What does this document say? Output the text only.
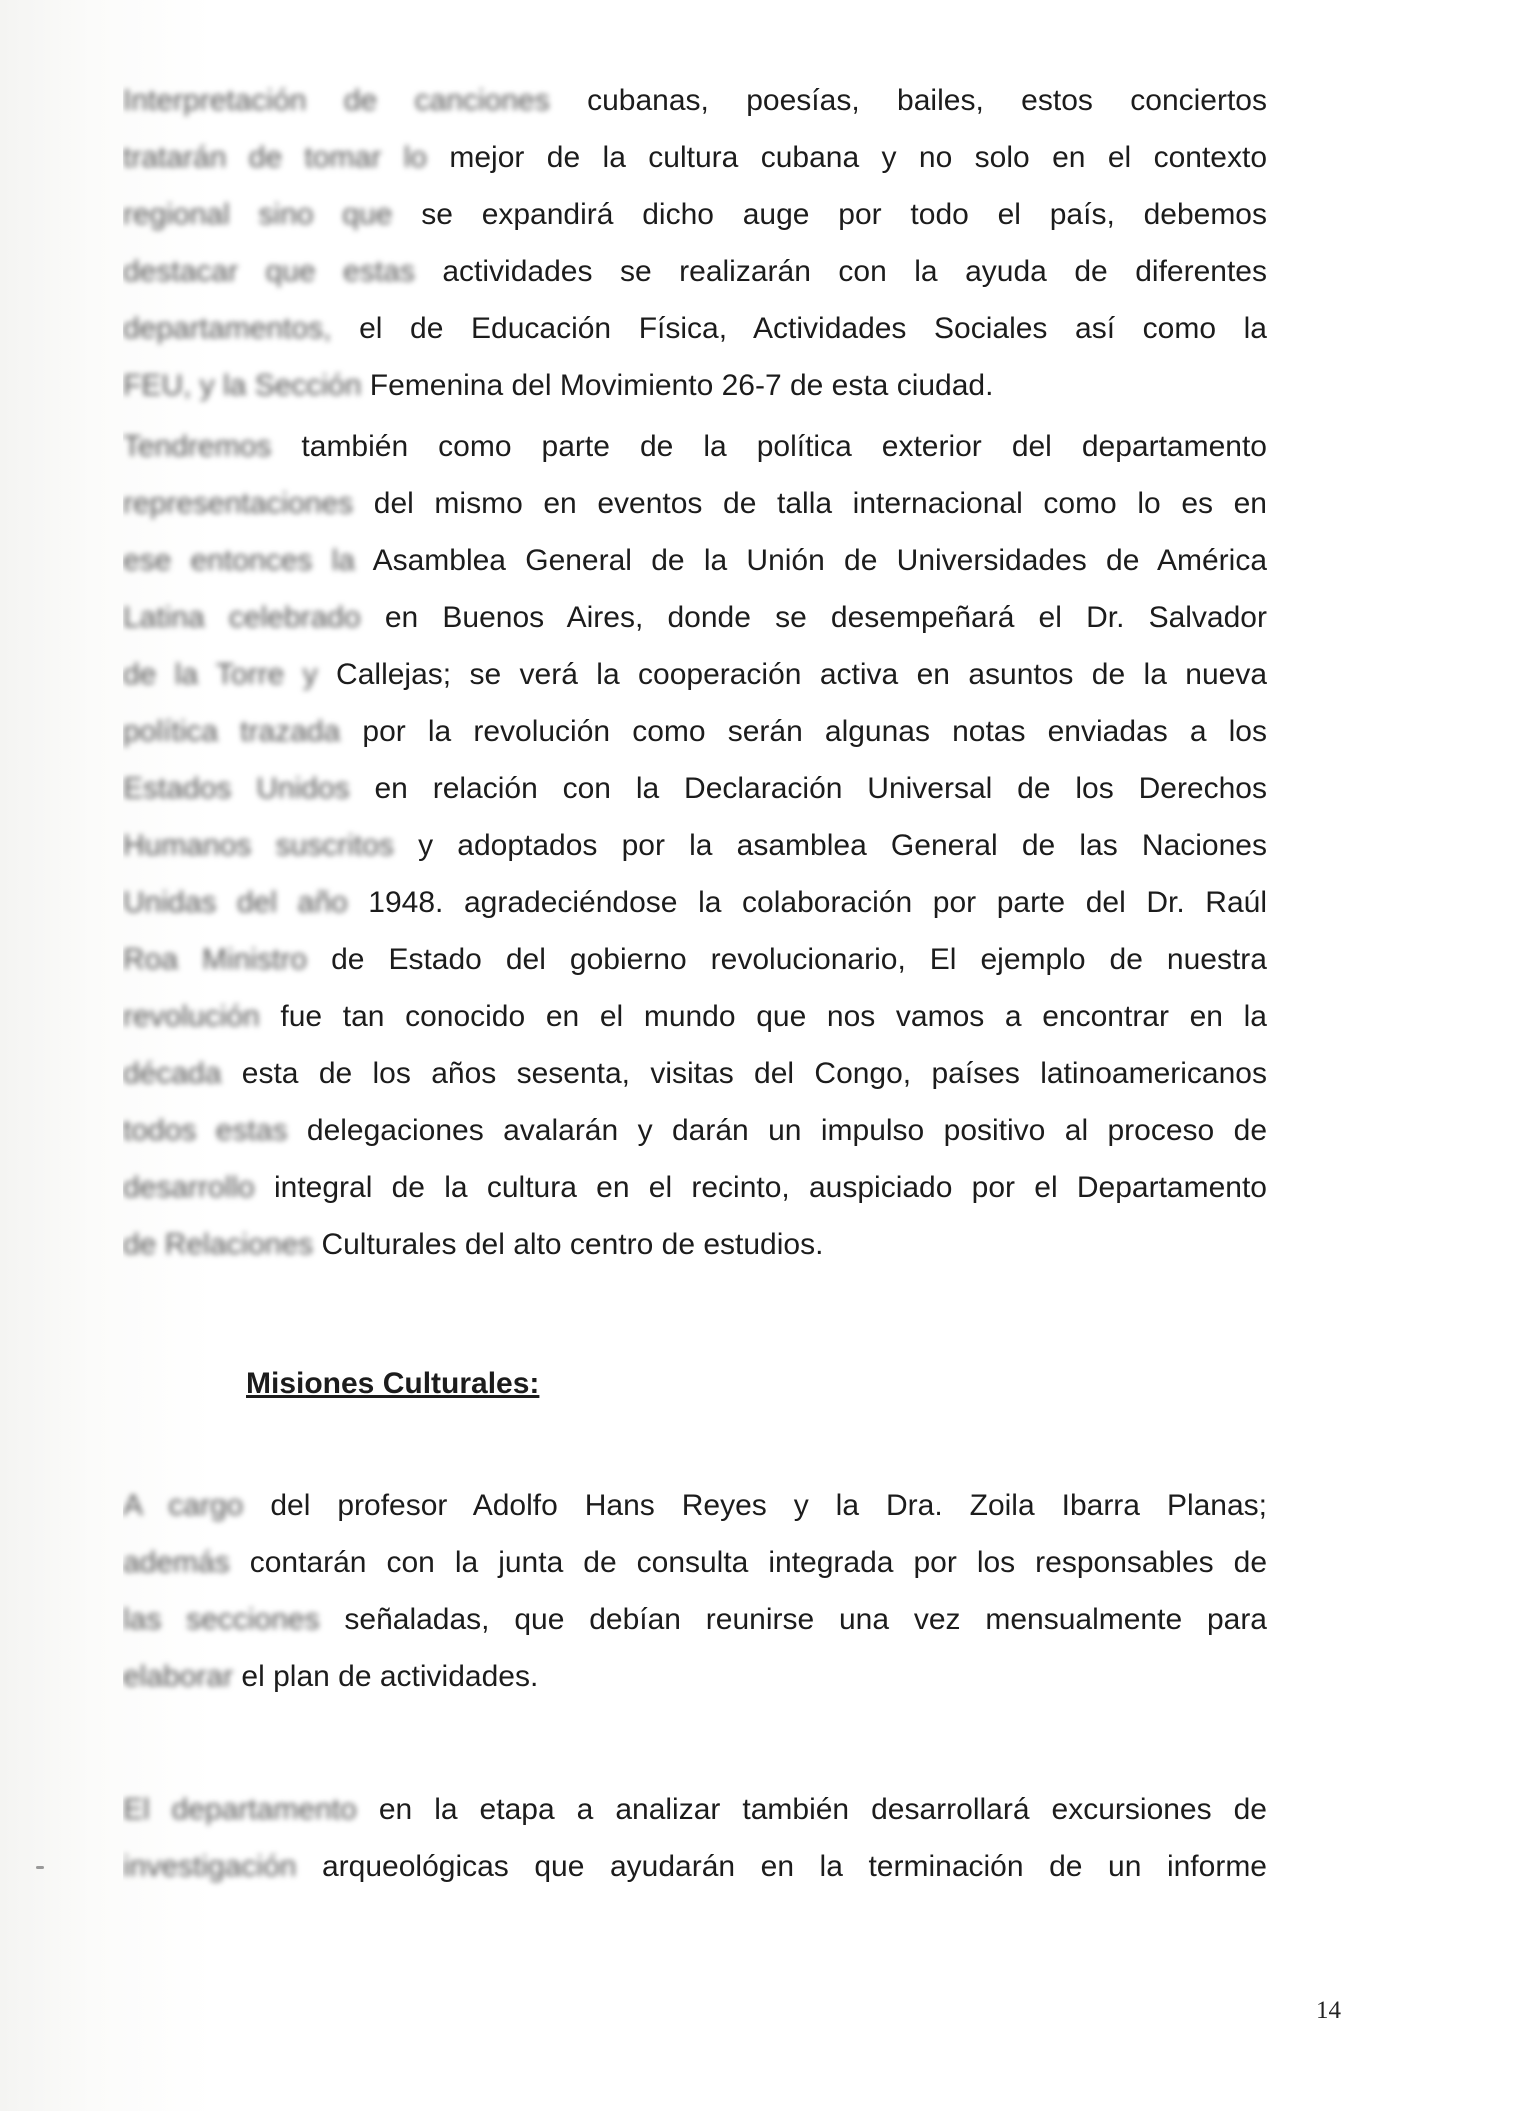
Interpretación de canciones cubanas, poesías, bailes, estos conciertos
tratarán de tomar lo mejor de la cultura cubana y no solo en el contexto
regional sino que se expandirá dicho auge por todo el país, debemos
destacar que estas actividades se realizarán con la ayuda de diferentes
departamentos, el de Educación Física, Actividades Sociales así como la
FEU, y la Sección Femenina del Movimiento 26-7 de esta ciudad.
Tendremos también como parte de la política exterior del departamento
representaciones del mismo en eventos de talla internacional como lo es en
ese entonces la Asamblea General de la Unión de Universidades de América
Latina celebrado en Buenos Aires, donde se desempeñará el Dr. Salvador
de la Torre y Callejas; se verá la cooperación activa en asuntos de la nueva
política trazada por la revolución como serán algunas notas enviadas a los
Estados Unidos en relación con la Declaración Universal de los Derechos
Humanos suscritos y adoptados por la asamblea General de las Naciones
Unidas del año 1948. agradeciéndose la colaboración por parte del Dr. Raúl
Roa Ministro de Estado del gobierno revolucionario, El ejemplo de nuestra
revolución fue tan conocido en el mundo que nos vamos a encontrar en la
década esta de los años sesenta, visitas del Congo, países latinoamericanos
todos estas delegaciones avalarán y darán un impulso positivo al proceso de
desarrollo integral de la cultura en el recinto, auspiciado por el Departamento
de Relaciones Culturales del alto centro de estudios.
Misiones Culturales:
A cargo del profesor Adolfo Hans Reyes y la Dra. Zoila Ibarra Planas;
además contarán con la junta de consulta integrada por los responsables de
las secciones señaladas, que debían reunirse una vez mensualmente para
elaborar el plan de actividades.
El departamento en la etapa a analizar también desarrollará excursiones de
investigación arqueológicas que ayudarán en la terminación de un informe
14
